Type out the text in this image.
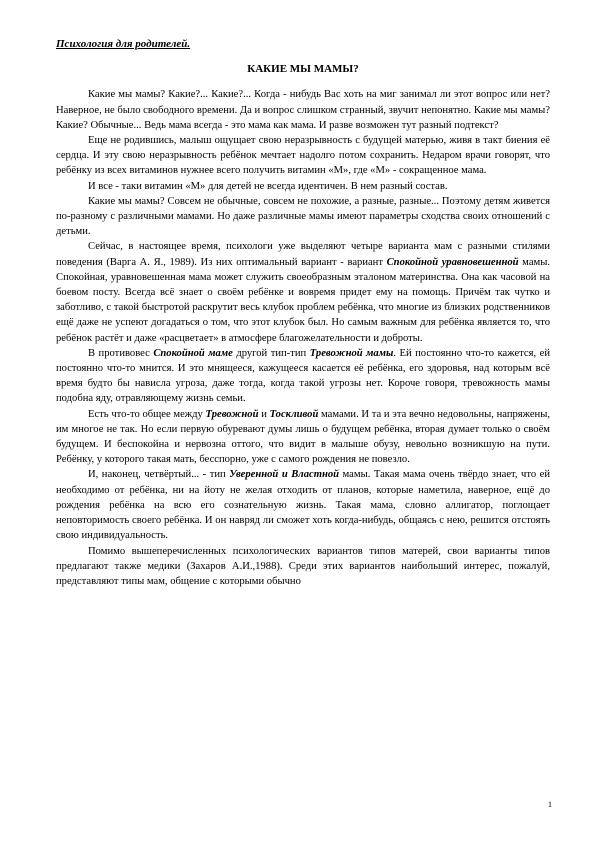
Психология для родителей.

КАКИЕ МЫ МАМЫ?

Какие мы мамы? Какие?... Какие?... Когда - нибудь Вас хоть на миг занимал ли этот вопрос или нет? Наверное, не было свободного времени. Да и вопрос слишком странный, звучит непонятно. Какие мы мамы? Какие? Обычные... Ведь мама всегда - это мама как мама. И разве возможен тут разный подтекст?

Еще не родившись, малыш ощущает свою неразрывность с будущей матерью, живя в такт биения её сердца. И эту свою неразрывность ребёнок мечтает надолго потом сохранить. Недаром врачи говорят, что ребёнку из всех витаминов нужнее всего получить витамин «М», где «М» - сокращенное мама.

И все - таки витамин «М» для детей не всегда идентичен. В нем разный состав.

Какие мы мамы? Совсем не обычные, совсем не похожие, а разные, разные... Поэтому детям живется по-разному с различными мамами. Но даже различные мамы имеют параметры сходства своих отношений с детьми.

Сейчас, в настоящее время, психологи уже выделяют четыре варианта мам с разными стилями поведения (Варга А. Я., 1989). Из них оптимальный вариант - вариант Спокойной уравновешенной мамы. Спокойная, уравновешенная мама может служить своеобразным эталоном материнства. Она как часовой на боевом посту. Всегда всё знает о своём ребёнке и вовремя придет ему на помощь. Причём так чутко и заботливо, с такой быстротой раскрутит весь клубок проблем ребёнка, что многие из близких родственников ещё даже не успеют догадаться о том, что этот клубок был. Но самым важным для ребёнка является то, что ребёнок растёт и даже «расцветает» в атмосфере благожелательности и доброты.

В противовес Спокойной маме другой тип-тип Тревожной мамы. Ей постоянно что-то кажется, ей постоянно что-то мнится. И это мнящееся, кажущееся касается её ребёнка, его здоровья, над которым всё время будто бы нависла угроза, даже тогда, когда такой угрозы нет. Короче говоря, тревожность мамы подобна яду, отравляющему жизнь семьи.

Есть что-то общее между Тревожной и Тоскливой мамами. И та и эта вечно недовольны, напряжены, им многое не так. Но если первую обуревают думы лишь о будущем ребёнка, вторая думает только о своём будущем. И беспокойна и нервозна оттого, что видит в малыше обузу, невольно возникшую на пути. Ребёнку, у которого такая мать, бесспорно, уже с самого рождения не повезло.

И, наконец, четвёртый... - тип Уверенной и Властной мамы. Такая мама очень твёрдо знает, что ей необходимо от ребёнка, ни на йоту не желая отходить от планов, которые наметила, наверное, ещё до рождения ребёнка на всю его сознательную жизнь. Такая мама, словно аллигатор, поглощает неповторимость своего ребёнка. И он навряд ли сможет хоть когда-нибудь, общаясь с нею, решится отстоять свою индивидуальность.

Помимо вышеперечисленных психологических вариантов типов матерей, свои варианты типов предлагают также медики (Захаров А.И.,1988). Среди этих вариантов наибольший интерес, пожалуй, представляют типы мам, общение с которыми обычно

1
